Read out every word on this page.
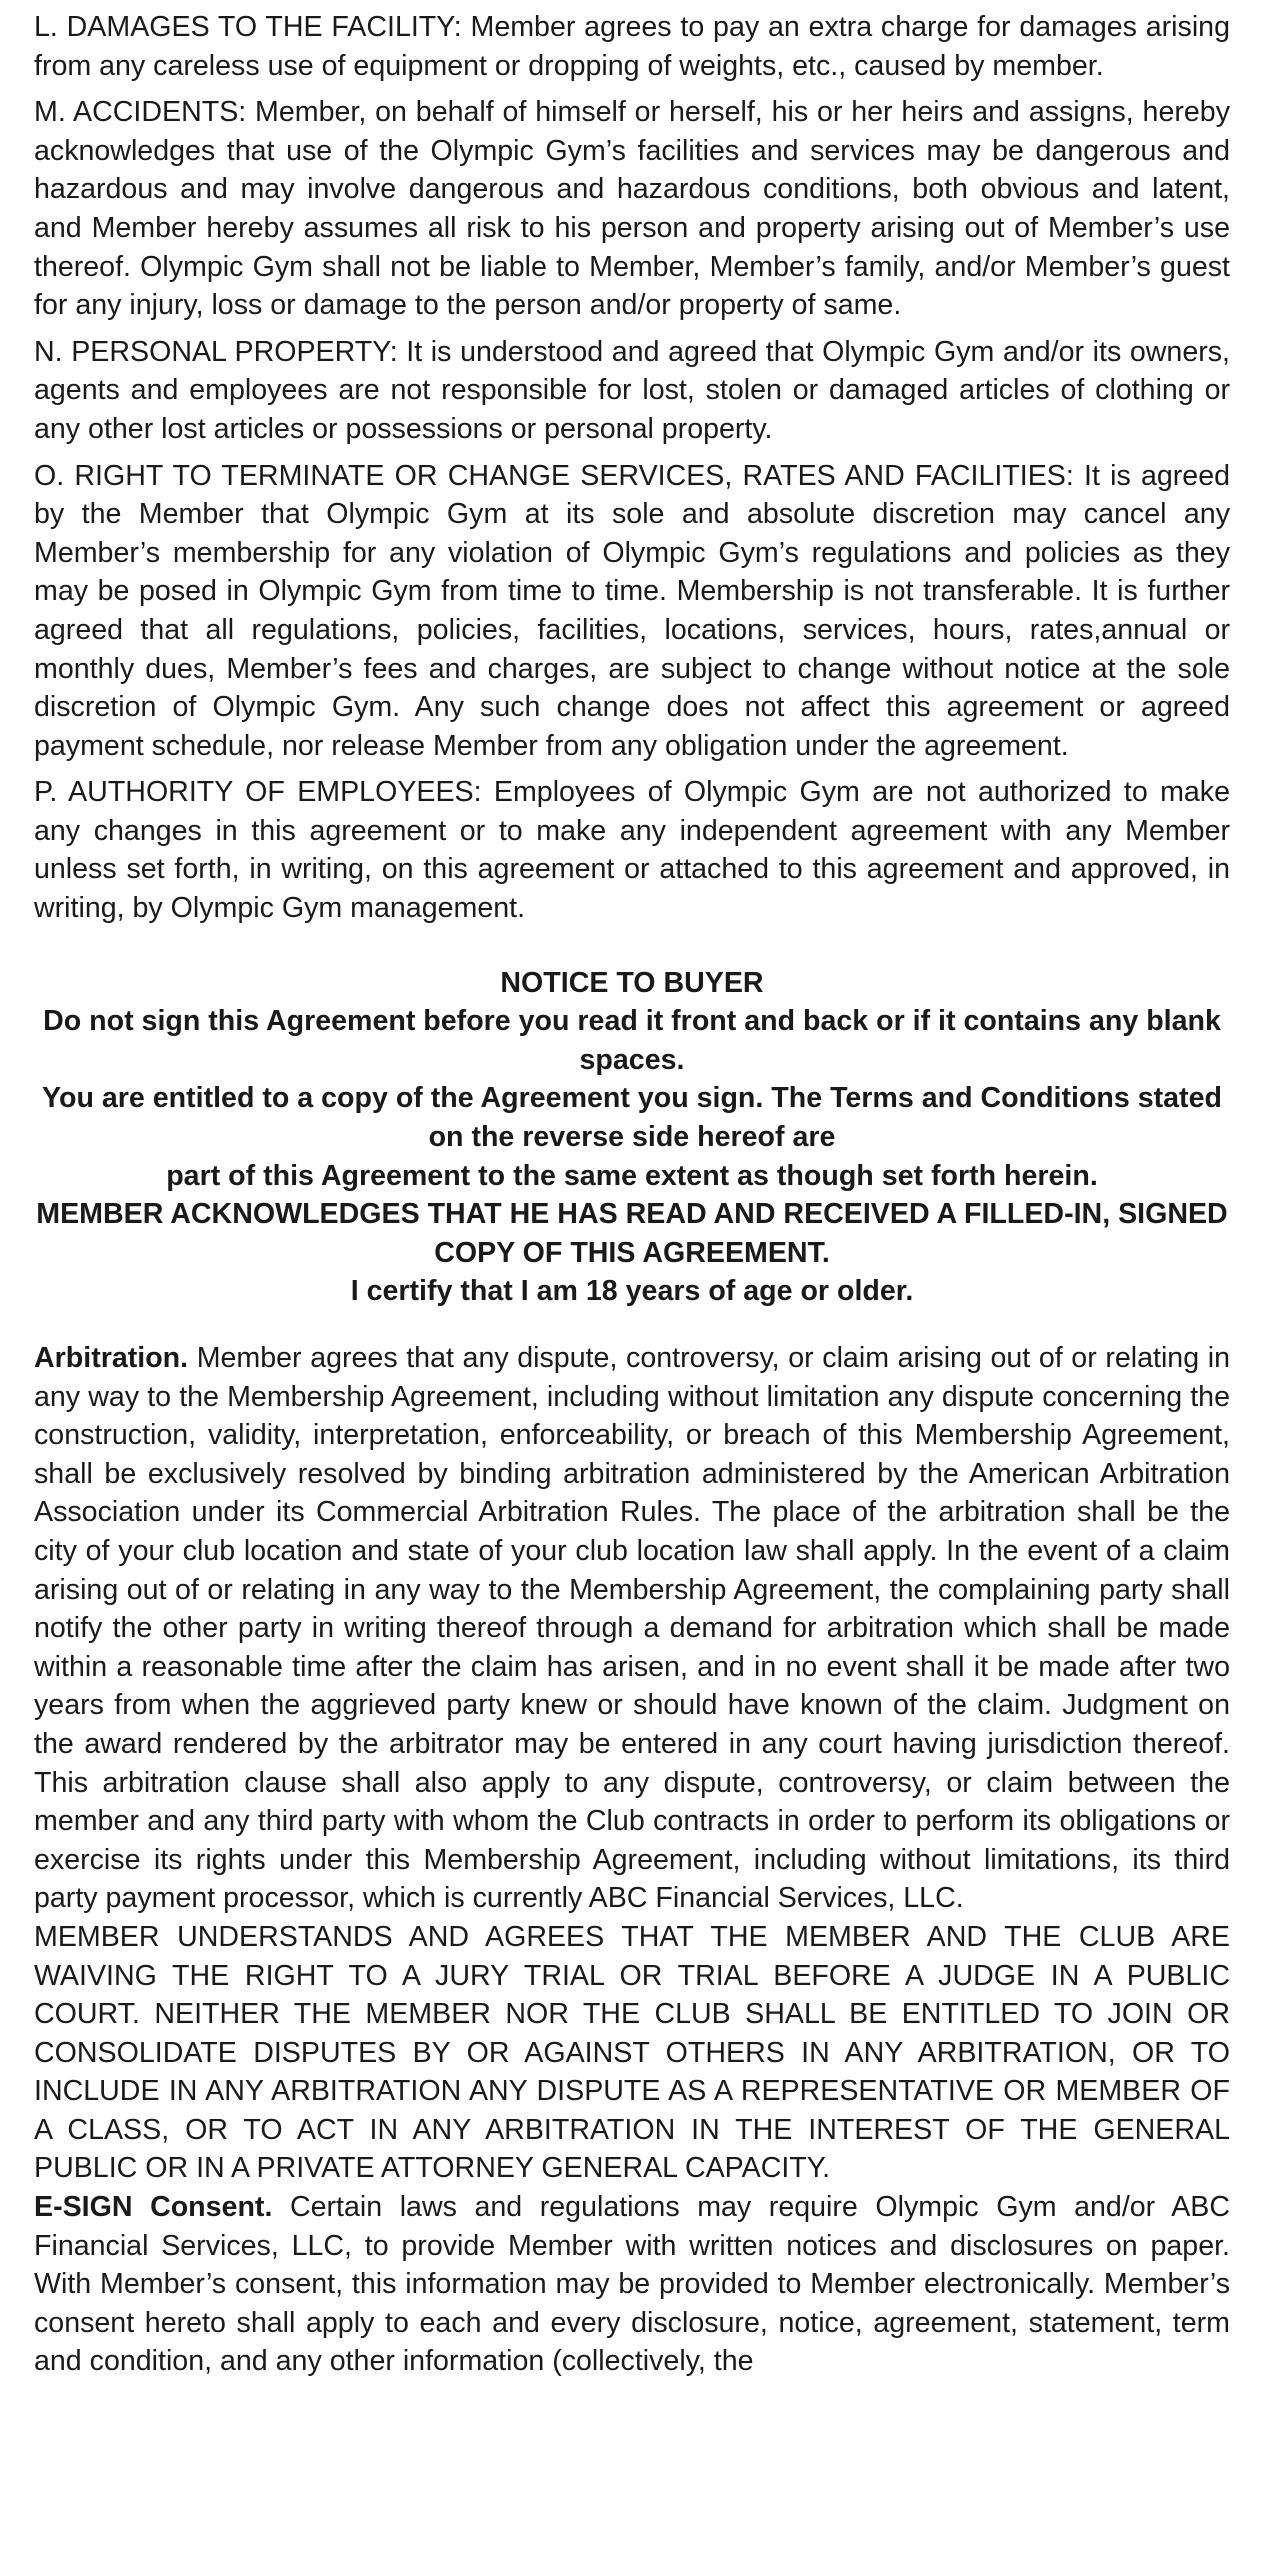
L. DAMAGES TO THE FACILITY: Member agrees to pay an extra charge for damages arising from any careless use of equipment or dropping of weights, etc., caused by member.

M. ACCIDENTS: Member, on behalf of himself or herself, his or her heirs and assigns, hereby acknowledges that use of the Olympic Gym’s facilities and services may be dangerous and hazardous and may involve dangerous and hazardous conditions, both obvious and latent, and Member hereby assumes all risk to his person and property arising out of Member’s use thereof. Olympic Gym shall not be liable to Member, Member’s family, and/or Member’s guest for any injury, loss or damage to the person and/or property of same.

N. PERSONAL PROPERTY: It is understood and agreed that Olympic Gym and/or its owners, agents and employees are not responsible for lost, stolen or damaged articles of clothing or any other lost articles or possessions or personal property.

O. RIGHT TO TERMINATE OR CHANGE SERVICES, RATES AND FACILITIES: It is agreed by the Member that Olympic Gym at its sole and absolute discretion may cancel any Member’s membership for any violation of Olympic Gym’s regulations and policies as they may be posed in Olympic Gym from time to time. Membership is not transferable. It is further agreed that all regulations, policies, facilities, locations, services, hours, rates,annual or monthly dues, Member’s fees and charges, are subject to change without notice at the sole discretion of Olympic Gym. Any such change does not affect this agreement or agreed payment schedule, nor release Member from any obligation under the agreement.

P. AUTHORITY OF EMPLOYEES: Employees of Olympic Gym are not authorized to make any changes in this agreement or to make any independent agreement with any Member unless set forth, in writing, on this agreement or attached to this agreement and approved, in writing, by Olympic Gym management.

NOTICE TO BUYER
Do not sign this Agreement before you read it front and back or if it contains any blank spaces.
You are entitled to a copy of the Agreement you sign. The Terms and Conditions stated on the reverse side hereof are
part of this Agreement to the same extent as though set forth herein.
MEMBER ACKNOWLEDGES THAT HE HAS READ AND RECEIVED A FILLED-IN, SIGNED COPY OF THIS AGREEMENT.
I certify that I am 18 years of age or older.

Arbitration. Member agrees that any dispute, controversy, or claim arising out of or relating in any way to the Membership Agreement, including without limitation any dispute concerning the construction, validity, interpretation, enforceability, or breach of this Membership Agreement, shall be exclusively resolved by binding arbitration administered by the American Arbitration Association under its Commercial Arbitration Rules. The place of the arbitration shall be the city of your club location and state of your club location law shall apply. In the event of a claim arising out of or relating in any way to the Membership Agreement, the complaining party shall notify the other party in writing thereof through a demand for arbitration which shall be made within a reasonable time after the claim has arisen, and in no event shall it be made after two years from when the aggrieved party knew or should have known of the claim. Judgment on the award rendered by the arbitrator may be entered in any court having jurisdiction thereof. This arbitration clause shall also apply to any dispute, controversy, or claim between the member and any third party with whom the Club contracts in order to perform its obligations or exercise its rights under this Membership Agreement, including without limitations, its third party payment processor, which is currently ABC Financial Services, LLC.

MEMBER UNDERSTANDS AND AGREES THAT THE MEMBER AND THE CLUB ARE WAIVING THE RIGHT TO A JURY TRIAL OR TRIAL BEFORE A JUDGE IN A PUBLIC COURT. NEITHER THE MEMBER NOR THE CLUB SHALL BE ENTITLED TO JOIN OR CONSOLIDATE DISPUTES BY OR AGAINST OTHERS IN ANY ARBITRATION, OR TO INCLUDE IN ANY ARBITRATION ANY DISPUTE AS A REPRESENTATIVE OR MEMBER OF A CLASS, OR TO ACT IN ANY ARBITRATION IN THE INTEREST OF THE GENERAL PUBLIC OR IN A PRIVATE ATTORNEY GENERAL CAPACITY.

E-SIGN Consent. Certain laws and regulations may require Olympic Gym and/or ABC Financial Services, LLC, to provide Member with written notices and disclosures on paper. With Member’s consent, this information may be provided to Member electronically. Member’s consent hereto shall apply to each and every disclosure, notice, agreement, statement, term and condition, and any other information (collectively, the
